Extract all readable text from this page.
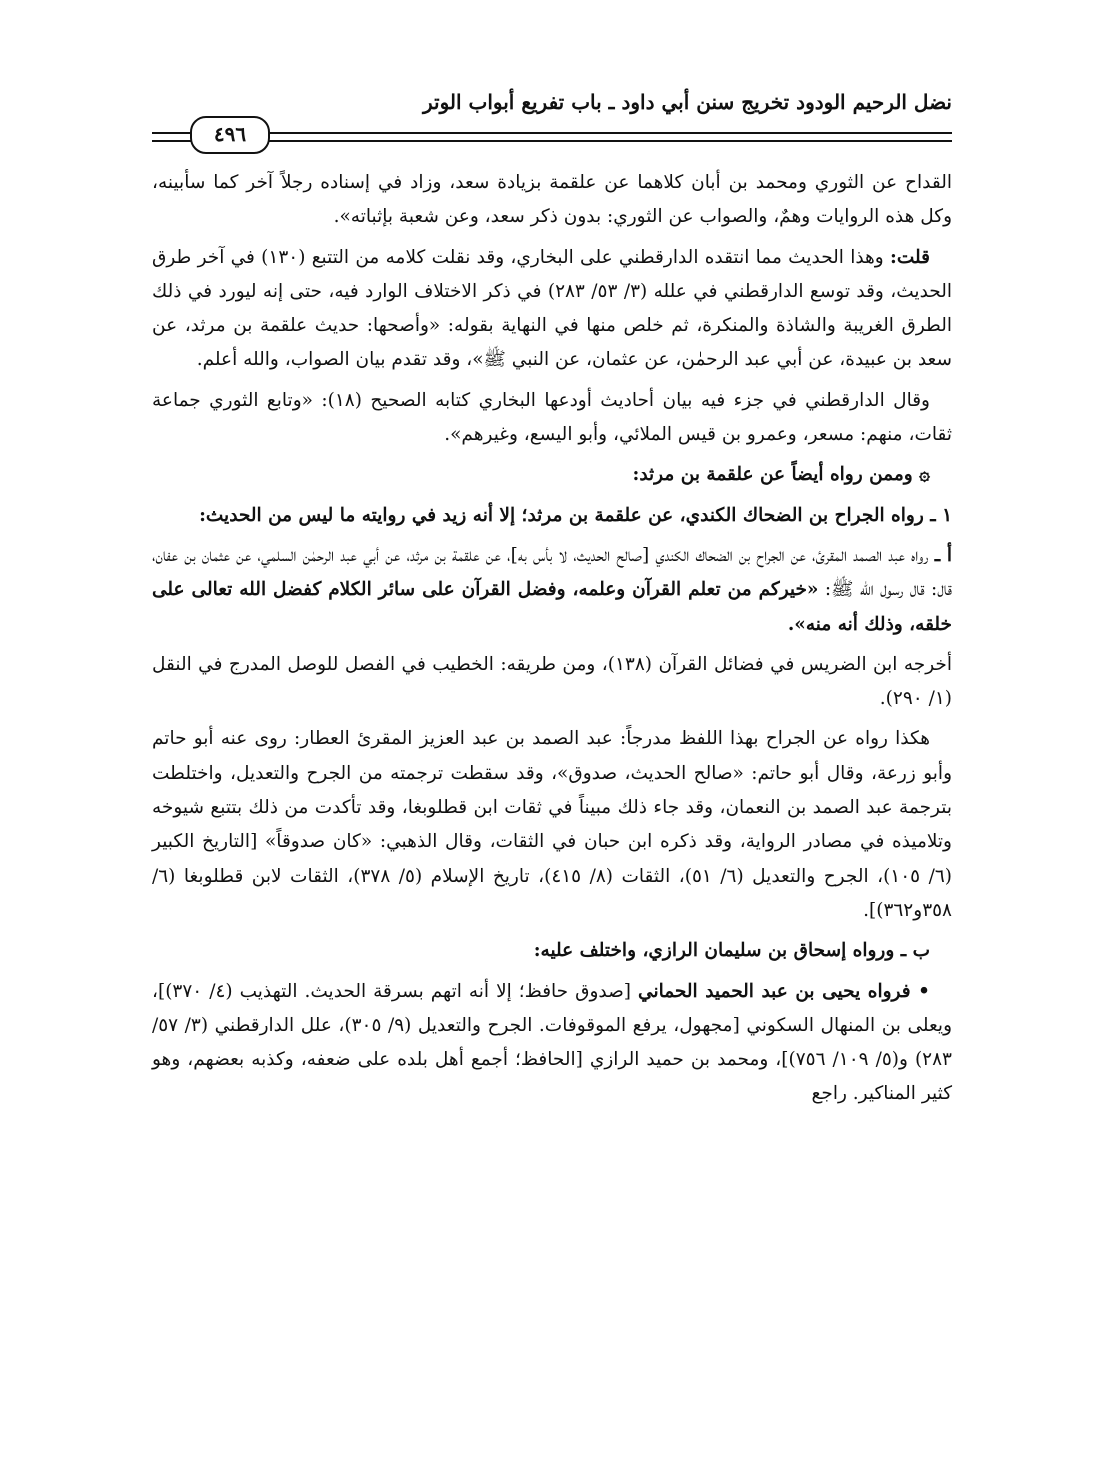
نضل الرحيم الودود تخريج سنن أبي داود ـ باب تفريع أبواب الوتر
٤٩٦

القداح عن الثوري ومحمد بن أبان كلاهما عن علقمة بزيادة سعد، وزاد في إسناده رجلاً آخر كما سأبينه، وكل هذه الروايات وهمٌ، والصواب عن الثوري: بدون ذكر سعد، وعن شعبة بإثباته».

قلت: وهذا الحديث مما انتقده الدارقطني على البخاري، وقد نقلت كلامه من التتبع (١٣٠) في آخر طرق الحديث، وقد توسع الدارقطني في علله (٣/ ٥٣/ ٢٨٣) في ذكر الاختلاف الوارد فيه، حتى إنه ليورد في ذلك الطرق الغريبة والشاذة والمنكرة، ثم خلص منها في النهاية بقوله: «وأصحها: حديث علقمة بن مرثد، عن سعد بن عبيدة، عن أبي عبد الرحمٰن، عن عثمان، عن النبي ﷺ»، وقد تقدم بيان الصواب، والله أعلم.

وقال الدارقطني في جزء فيه بيان أحاديث أودعها البخاري كتابه الصحيح (١٨): «وتابع الثوري جماعة ثقات، منهم: مسعر، وعمرو بن قيس الملائي، وأبو اليسع، وغيرهم».

۞ وممن رواه أيضاً عن علقمة بن مرثد:

١ ـ رواه الجراح بن الضحاك الكندي، عن علقمة بن مرثد؛ إلا أنه زيد في روايته ما ليس من الحديث:

أ ـ رواه عبد الصمد المقرئ، عن الجراح بن الضحاك الكندي [صالح الحديث، لا بأس به]، عن علقمة بن مرثد، عن أبي عبد الرحمٰن السلمي، عن عثمان بن عفان، قال: قال رسول الله ﷺ: «خيركم من تعلم القرآن وعلمه، وفضل القرآن على سائر الكلام كفضل الله تعالى على خلقه، وذلك أنه منه».

أخرجه ابن الضريس في فضائل القرآن (١٣٨)، ومن طريقه: الخطيب في الفصل للوصل المدرج في النقل (١/ ٢٩٠).

هكذا رواه عن الجراح بهذا اللفظ مدرجاً: عبد الصمد بن عبد العزيز المقرئ العطار: روى عنه أبو حاتم وأبو زرعة، وقال أبو حاتم: «صالح الحديث، صدوق»، وقد سقطت ترجمته من الجرح والتعديل، واختلطت بترجمة عبد الصمد بن النعمان، وقد جاء ذلك مبيناً في ثقات ابن قطلوبغا، وقد تأكدت من ذلك بتتبع شيوخه وتلاميذه في مصادر الرواية، وقد ذكره ابن حبان في الثقات، وقال الذهبي: «كان صدوقاً» [التاريخ الكبير (٦/ ١٠٥)، الجرح والتعديل (٦/ ٥١)، الثقات (٨/ ٤١٥)، تاريخ الإسلام (٥/ ٣٧٨)، الثقات لابن قطلوبغا (٦/ ٣٥٨و٣٦٢)].

ب ـ ورواه إسحاق بن سليمان الرازي، واختلف عليه:

• فرواه يحيى بن عبد الحميد الحماني [صدوق حافظ؛ إلا أنه اتهم بسرقة الحديث. التهذيب (٤/ ٣٧٠)]، ويعلى بن المنهال السكوني [مجهول، يرفع الموقوفات. الجرح والتعديل (٩/ ٣٠٥)، علل الدارقطني (٣/ ٥٧/ ٢٨٣) و(٥/ ١٠٩/ ٧٥٦)]، ومحمد بن حميد الرازي [الحافظ؛ أجمع أهل بلده على ضعفه، وكذبه بعضهم، وهو كثير المناكير. راجع
